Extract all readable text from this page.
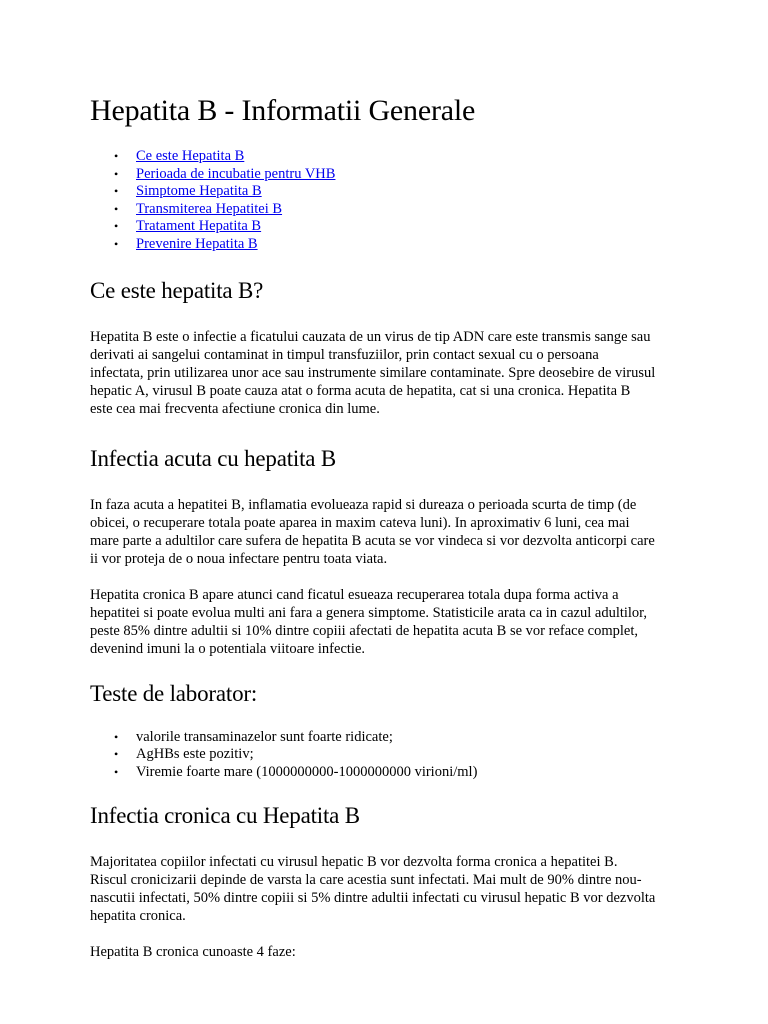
Hepatita B - Informatii Generale
• Ce este Hepatita B
• Perioada de incubatie pentru VHB
• Simptome Hepatita B
• Transmiterea Hepatitei B
• Tratament Hepatita B
• Prevenire Hepatita B
Ce este hepatita B?

Hepatita B este o infectie a ficatului cauzata de un virus de tip ADN care este transmis sange sau
derivati ai sangelui contaminat in timpul transfuziilor, prin contact sexual cu o persoana
infectata, prin utilizarea unor ace sau instrumente similare contaminate. Spre deosebire de virusul
hepatic A, virusul B poate cauza atat o forma acuta de hepatita, cat si una cronica. Hepatita B
este cea mai frecventa afectiune cronica din lume.

Infectia acuta cu hepatita B

In faza acuta a hepatitei B, inflamatia evolueaza rapid si dureaza o perioada scurta de timp (de
obicei, o recuperare totala poate aparea in maxim cateva luni). In aproximativ 6 luni, cea mai
mare parte a adultilor care sufera de hepatita B acuta se vor vindeca si vor dezvolta anticorpi care
ii vor proteja de o noua infectare pentru toata viata.

Hepatita cronica B apare atunci cand ficatul esueaza recuperarea totala dupa forma activa a
hepatitei si poate evolua multi ani fara a genera simptome. Statisticile arata ca in cazul adultilor,
peste 85% dintre adultii si 10% dintre copiii afectati de hepatita acuta B se vor reface complet,
devenind imuni la o potentiala viitoare infectie.

Teste de laborator:
• valorile transaminazelor sunt foarte ridicate;
• AgHBs este pozitiv;
• Viremie foarte mare (1000000000-1000000000 virioni/ml)
Infectia cronica cu Hepatita B

Majoritatea copiilor infectati cu virusul hepatic B vor dezvolta forma cronica a hepatitei B.
Riscul cronicizarii depinde de varsta la care acestia sunt infectati. Mai mult de 90% dintre nou-
nascutii infectati, 50% dintre copiii si 5% dintre adultii infectati cu virusul hepatic B vor dezvolta
hepatita cronica.

Hepatita B cronica cunoaste 4 faze:
